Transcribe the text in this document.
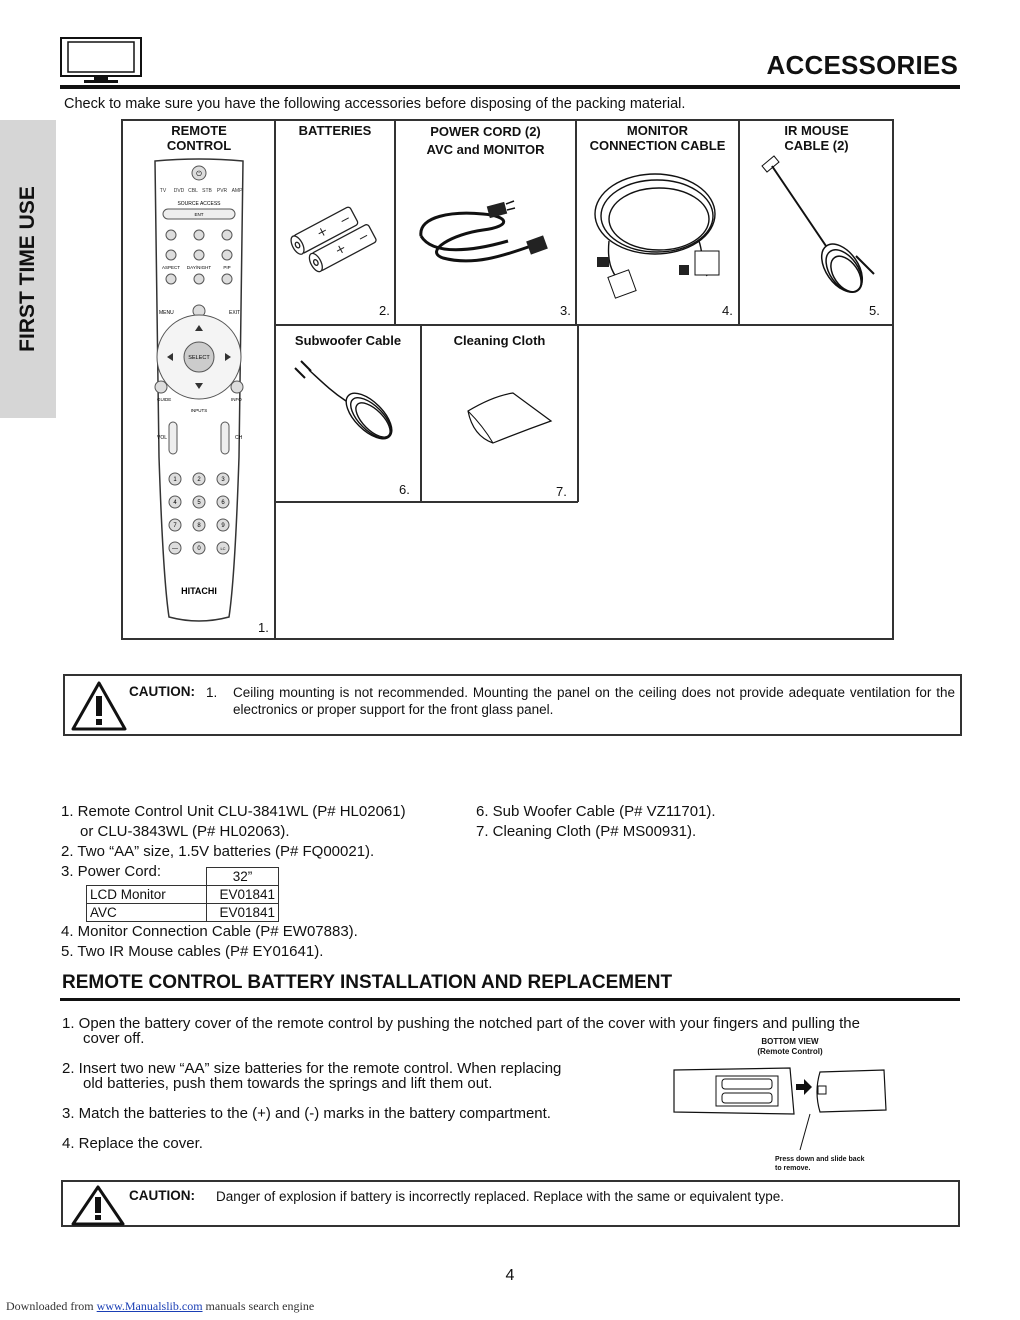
ACCESSORIES
FIRST TIME USE
Check to make sure you have the following accessories before disposing of the packing material.
REMOTE
CONTROL
1.
⏻
TV DVD CBL STB PVR AMP
SOURCE ACCESS
ENT
ASPECT DAY/NIGHT	PIP
MENU	EXIT
SELECT
GUIDE	INFO
INPUTS
VOL	CH
1	2	3
4	5	6
7	8	9
—	0	LC
HITACHI
BATTERIES
2.
POWER CORD (2)
AVC and MONITOR
3.
MONITOR
CONNECTION CABLE
4.
IR MOUSE
CABLE (2)
5.
Subwoofer Cable
6.
Cleaning Cloth
7.
CAUTION: 1. Ceiling mounting is not recommended. Mounting the panel on the ceiling does not provide adequate ventilation for the electronics or proper support for the front glass panel.
1. Remote Control Unit CLU-3841WL (P# HL02061)
or CLU-3843WL (P# HL02063).
2. Two “AA” size, 1.5V batteries (P# FQ00021).
3. Power Cord:
		32”
LCD Monitor	EV01841
AVC	EV01841
4. Monitor Connection Cable (P# EW07883).
5. Two IR Mouse cables (P# EY01641).
6. Sub Woofer Cable (P# VZ11701).
7. Cleaning Cloth (P# MS00931).
REMOTE CONTROL BATTERY INSTALLATION AND REPLACEMENT
1. Open the battery cover of the remote control by pushing the notched part of the cover with your fingers and pulling the
cover off.
2. Insert two new “AA” size batteries for the remote control. When replacing
old batteries, push them towards the springs and lift them out.
3. Match the batteries to the (+) and (-) marks in the battery compartment.
4. Replace the cover.
BOTTOM VIEW
(Remote Control)
Press down and slide back
to remove.
CAUTION: Danger of explosion if battery is incorrectly replaced. Replace with the same or equivalent type.
4
Downloaded from www.Manualslib.com manuals search engine
